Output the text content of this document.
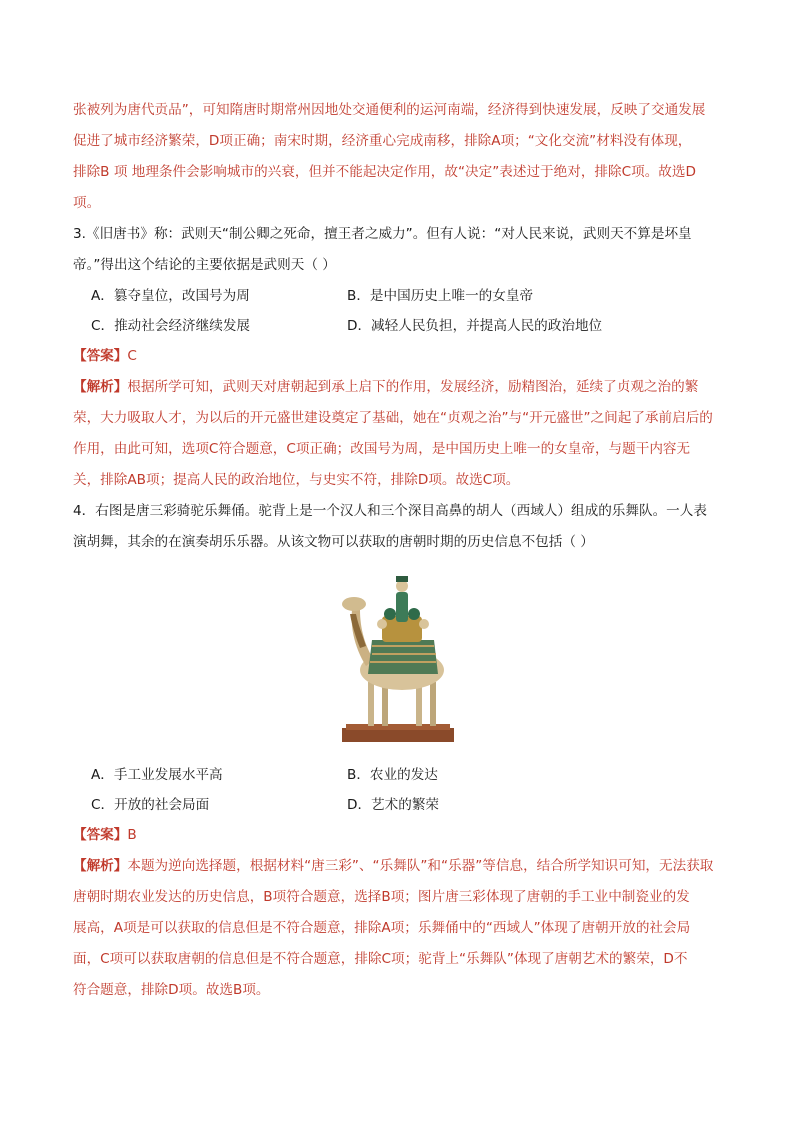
张被列为唐代贡品”，可知隋唐时期常州因地处交通便利的运河南端，经济得到快速发展，反映了交通发展

促进了城市经济繁荣，D项正确；南宋时期，经济重心完成南移，排除A项；“文化交流”材料没有体现，

排除B 项 地理条件会影响城市的兴衰，但并不能起决定作用，故“决定”表述过于绝对，排除C项。故选D

项。

3.《旧唐书》称：武则天“制公卿之死命，擅王者之威力”。但有人说：“对人民来说，武则天不算是坏皇

帝。”得出这个结论的主要依据是武则天（ ）

A．篡夺皇位，改国号为周	B．是中国历史上唯一的女皇帝
C．推动社会经济继续发展	D．减轻人民负担，并提高人民的政治地位

【答案】C

【解析】根据所学可知，武则天对唐朝起到承上启下的作用，发展经济，励精图治，延续了贞观之治的繁

荣，大力吸取人才，为以后的开元盛世建设奠定了基础，她在“贞观之治”与“开元盛世”之间起了承前启后的

作用，由此可知，选项C符合题意，C项正确；改国号为周，是中国历史上唯一的女皇帝，与题干内容无

关，排除AB项；提高人民的政治地位，与史实不符，排除D项。故选C项。

4．右图是唐三彩骑驼乐舞俑。驼背上是一个汉人和三个深目高鼻的胡人（西域人）组成的乐舞队。一人表

演胡舞，其余的在演奏胡乐乐器。从该文物可以获取的唐朝时期的历史信息不包括（ ）

A．手工业发展水平高	B．农业的发达
C．开放的社会局面	D．艺术的繁荣

【答案】B

【解析】本题为逆向选择题，根据材料“唐三彩”、“乐舞队”和“乐器”等信息，结合所学知识可知，无法获取

唐朝时期农业发达的历史信息，B项符合题意，选择B项；图片唐三彩体现了唐朝的手工业中制瓷业的发

展高，A项是可以获取的信息但是不符合题意，排除A项；乐舞俑中的“西域人”体现了唐朝开放的社会局

面，C项可以获取唐朝的信息但是不符合题意，排除C项；驼背上“乐舞队”体现了唐朝艺术的繁荣，D不

符合题意，排除D项。故选B项。
